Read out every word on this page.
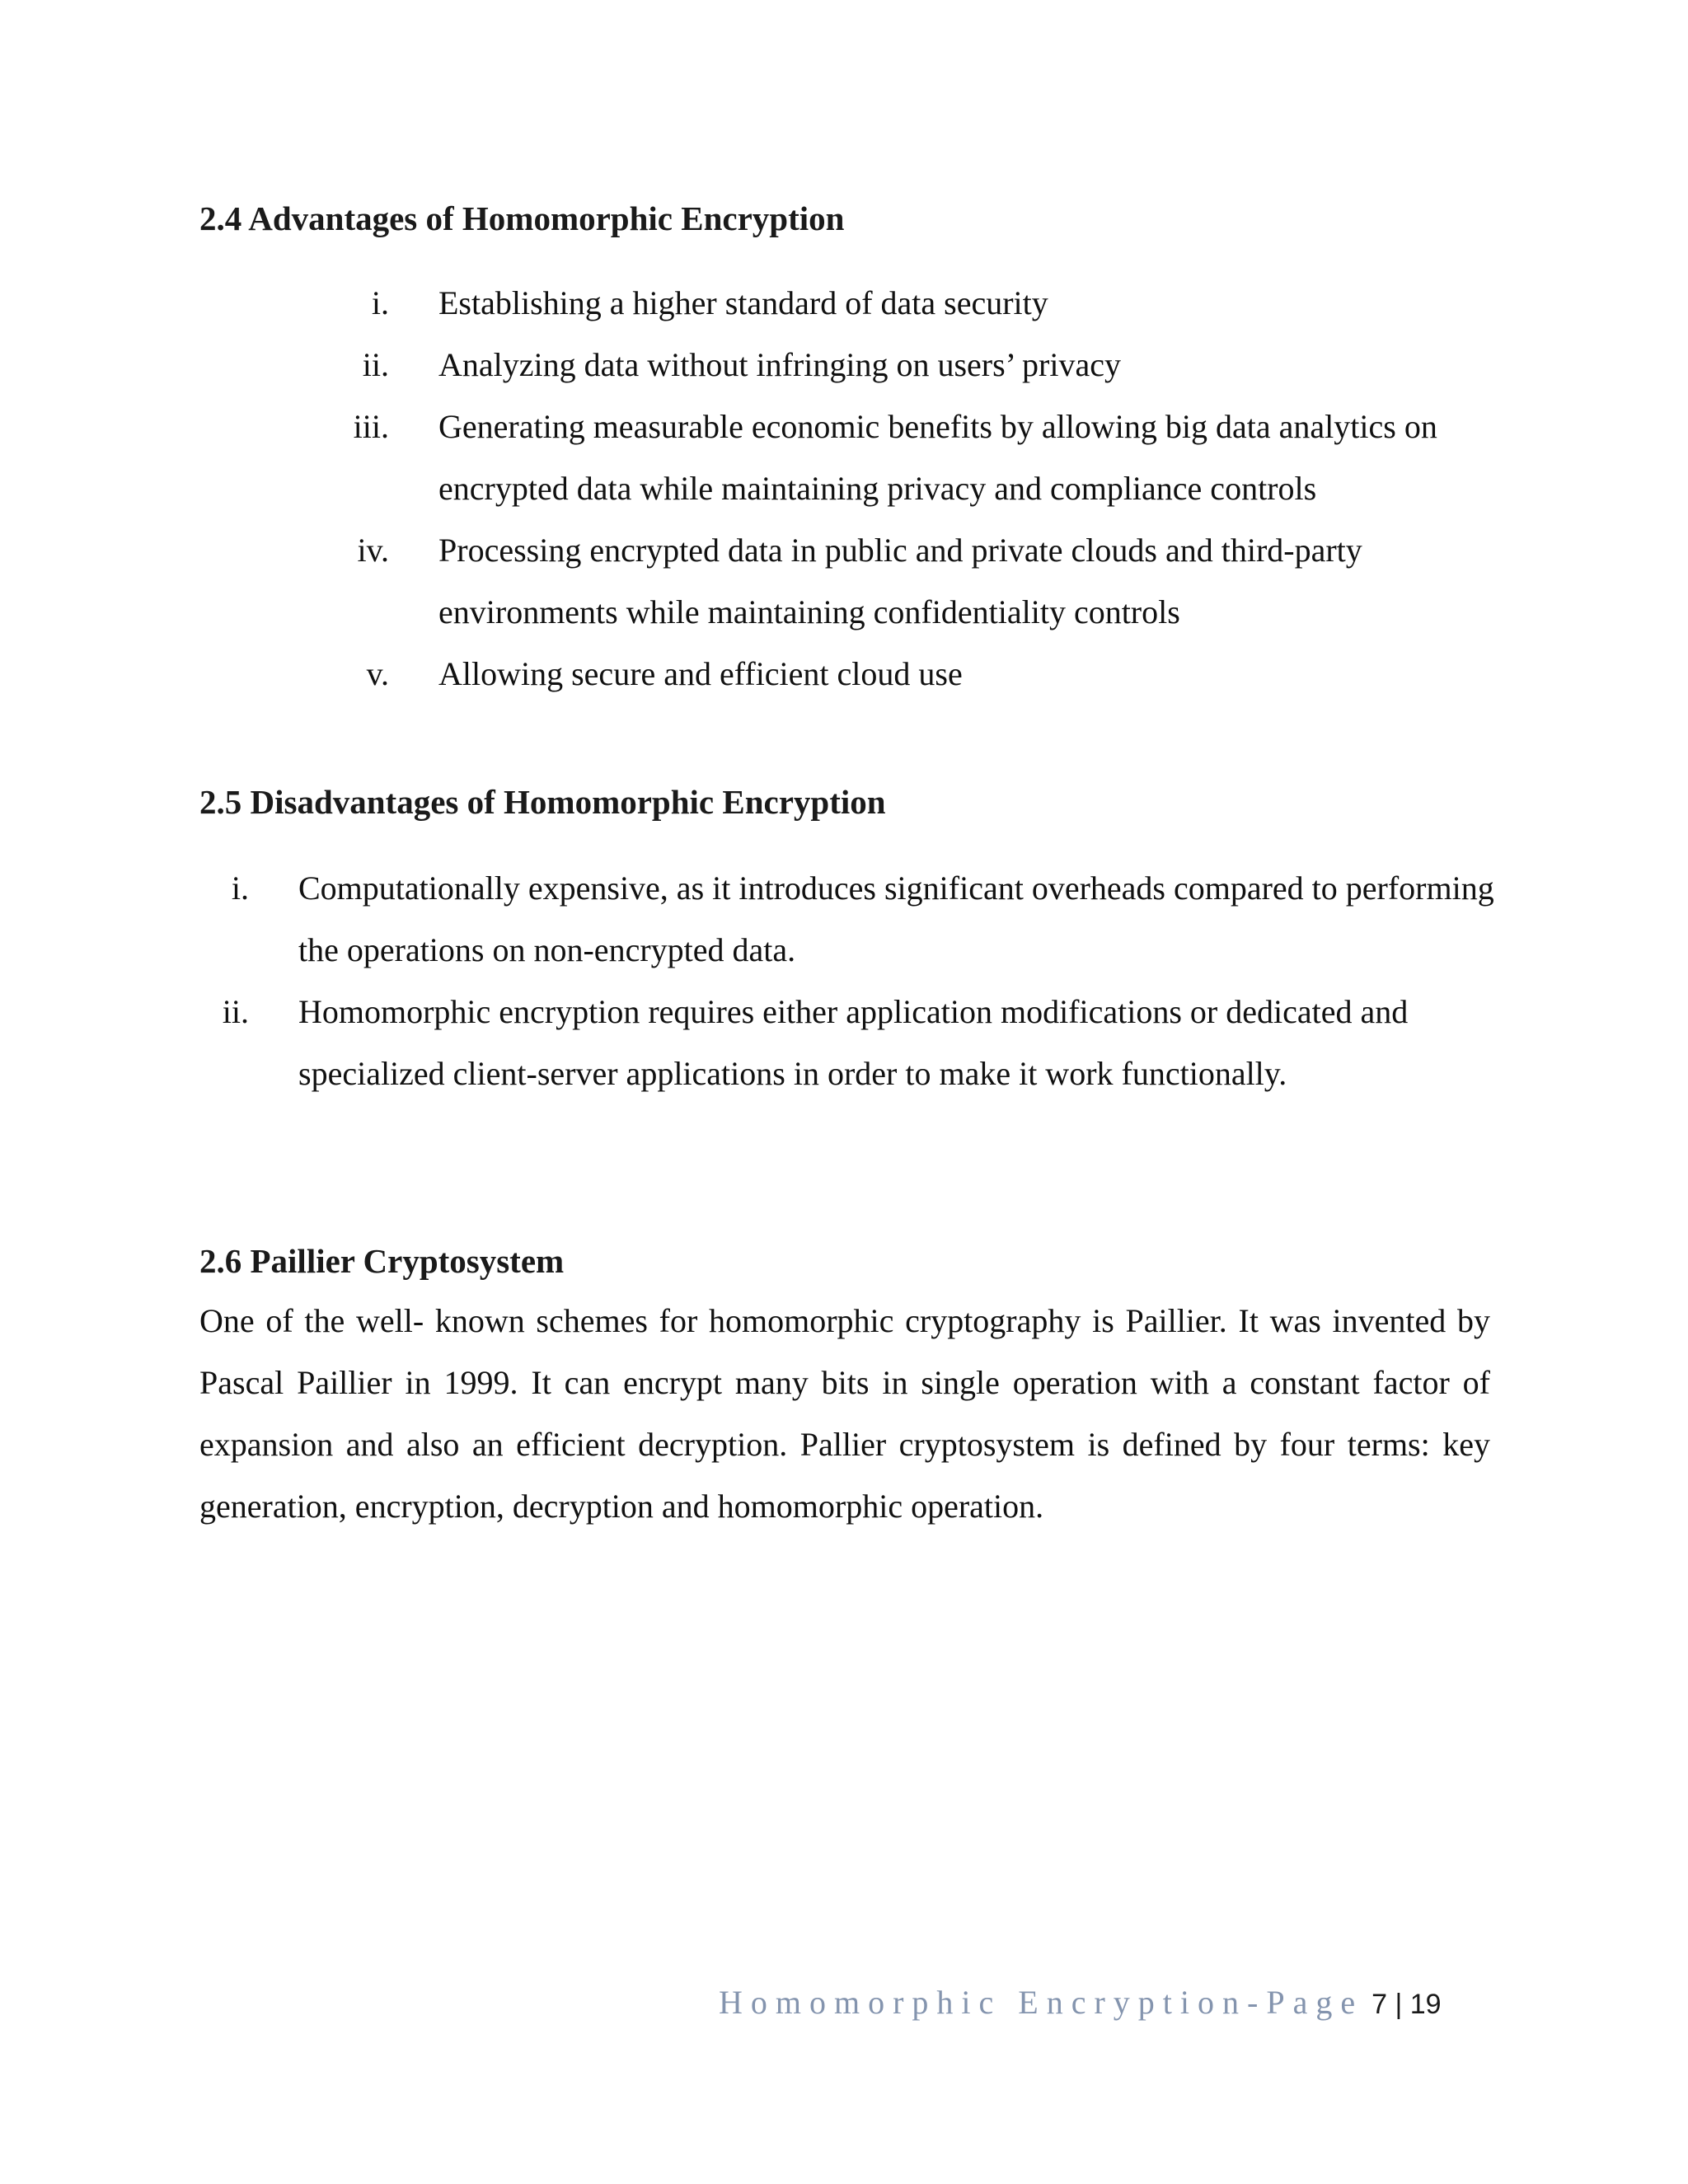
2.4 Advantages of Homomorphic Encryption
i.	Establishing a higher standard of data security
ii.	Analyzing data without infringing on users’ privacy
iii.	Generating measurable economic benefits by allowing big data analytics on encrypted data while maintaining privacy and compliance controls
iv.	Processing encrypted data in public and private clouds and third-party environments while maintaining confidentiality controls
v.	Allowing secure and efficient cloud use
2.5 Disadvantages of Homomorphic Encryption
i.	Computationally expensive, as it introduces significant overheads compared to performing the operations on non-encrypted data.
ii.	Homomorphic encryption requires either application modifications or dedicated and specialized client-server applications in order to make it work functionally.
2.6 Paillier Cryptosystem

One of the well- known schemes for homomorphic cryptography is Paillier. It was invented by Pascal Paillier in 1999. It can encrypt many bits in single operation with a constant factor of expansion and also an efficient decryption. Pallier cryptosystem is defined by four terms: key generation, encryption, decryption and homomorphic operation.

Homomorphic Encryption-Page 7 | 19
